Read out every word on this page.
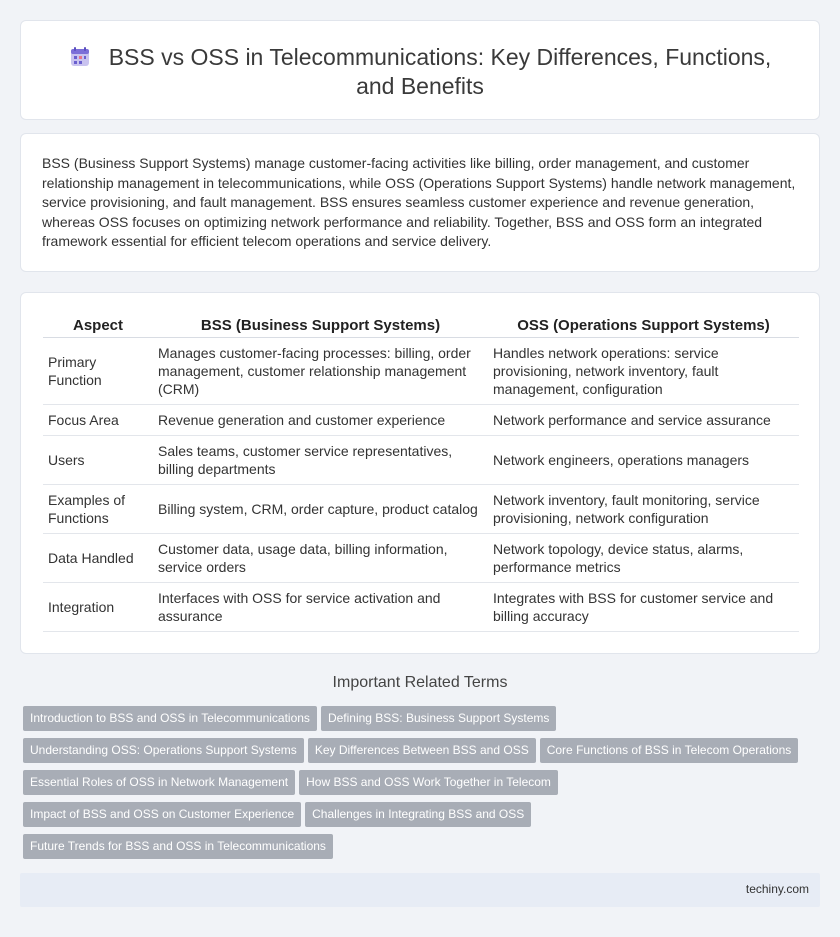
BSS vs OSS in Telecommunications: Key Differences, Functions, and Benefits

BSS (Business Support Systems) manage customer-facing activities like billing, order management, and customer relationship management in telecommunications, while OSS (Operations Support Systems) handle network management, service provisioning, and fault management. BSS ensures seamless customer experience and revenue generation, whereas OSS focuses on optimizing network performance and reliability. Together, BSS and OSS form an integrated framework essential for efficient telecom operations and service delivery.

Aspect	BSS (Business Support Systems)	OSS (Operations Support Systems)
Primary Function	Manages customer-facing processes: billing, order management, customer relationship management (CRM)	Handles network operations: service provisioning, network inventory, fault management, configuration
Focus Area	Revenue generation and customer experience	Network performance and service assurance
Users	Sales teams, customer service representatives, billing departments	Network engineers, operations managers
Examples of Functions	Billing system, CRM, order capture, product catalog	Network inventory, fault monitoring, service provisioning, network configuration
Data Handled	Customer data, usage data, billing information, service orders	Network topology, device status, alarms, performance metrics
Integration	Interfaces with OSS for service activation and assurance	Integrates with BSS for customer service and billing accuracy
Important Related Terms
Introduction to BSS and OSS in Telecommunications Defining BSS: Business Support Systems
Understanding OSS: Operations Support Systems Key Differences Between BSS and OSS Core Functions of BSS in Telecom Operations
Essential Roles of OSS in Network Management How BSS and OSS Work Together in Telecom
Impact of BSS and OSS on Customer Experience Challenges in Integrating BSS and OSS
Future Trends for BSS and OSS in Telecommunications
techiny.com
